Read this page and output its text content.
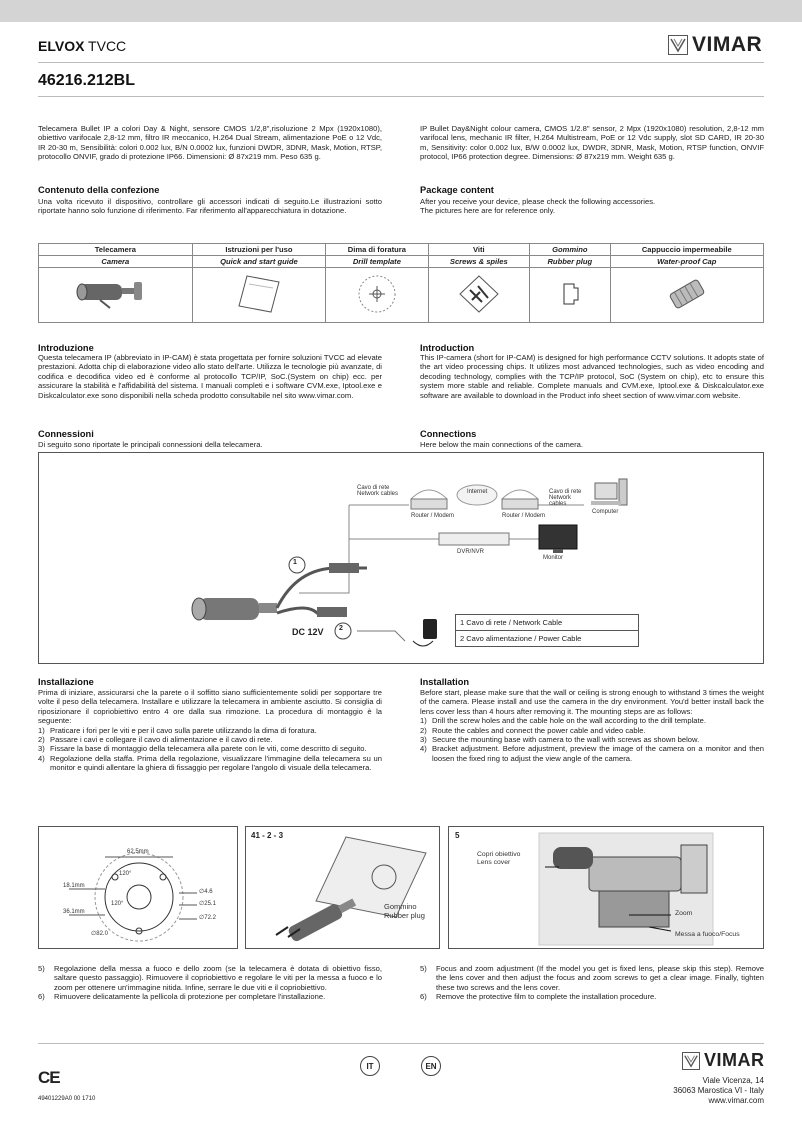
ELVOX TVCC	VIMAR
46216.212BL
Telecamera Bullet IP a colori Day & Night, sensore CMOS 1/2,8",risoluzione 2 Mpx (1920x1080), obiettivo varifocale 2,8-12 mm, filtro IR meccanico, H.264 Dual Stream, alimentazione PoE o 12 Vdc, IR 20-30 m, Sensibilità: colori 0.002 lux, B/N 0.0002 lux, funzioni DWDR, 3DNR, Mask, Motion, RTSP, protocollo ONVIF, grado di protezione IP66. Dimensioni: Ø 87x219 mm. Peso 635 g.
IP Bullet Day&Night colour camera, CMOS 1/2.8" sensor, 2 Mpx (1920x1080) resolution, 2,8-12 mm varifocal lens, mechanic IR filter, H.264 Multistream, PoE or 12 Vdc supply, slot SD CARD, IR 20-30 m, Sensitivity: color 0.002 lux, B/W 0.0002 lux, DWDR, 3DNR, Mask, Motion, RTSP function, ONVIF protocol, IP66 protection degree. Dimensions: Ø 87x219 mm. Weight 635 g.
Contenuto della confezione
Una volta ricevuto il dispositivo, controllare gli accessori indicati di seguito.Le illustrazioni sotto riportate hanno solo funzione di riferimento. Far riferimento all'apparecchiatura in dotazione.
Package content
After you receive your device, please check the following accessories.
The pictures here are for reference only.
Telecamera	Istruzioni per l'uso	Dima di foratura	Viti	Gommino	Cappuccio impermeabile
Camera	Quick and start guide	Drill template	Screws & spiles	Rubber plug	Water-proof Cap

Introduzione
Questa telecamera IP (abbreviato in IP-CAM) è stata progettata per fornire soluzioni TVCC ad elevate prestazioni. Adotta chip di elaborazione video allo stato dell'arte. Utilizza le tecnologie più avanzate, di codifica e decodifica video ed è conforme al protocollo TCP/IP, SoC.(System on chip) ecc. per assicurare la stabilità e l'affidabilità del sistema. I manuali completi e i software CVM.exe, Iptool.exe e Diskcalculator.exe sono disponibili nella scheda prodotto consultabile nel sito www.vimar.com.
Introduction
This IP-camera (short for IP-CAM) is designed for high performance CCTV solutions. It adopts state of the art video processing chips. It utilizes most advanced technologies, such as video encoding and decoding technology, complies with the TCP/IP protocol, SoC (System on chip), etc to ensure this system more stable and reliable. Complete manuals and CVM.exe, Iptool.exe & Diskcalculator.exe software are available to download in the Product info sheet section of www.vimar.com website.
Connessioni
Di seguito sono riportate le principali connessioni della telecamera.
Connections
Here below the main connections of the camera.
Cavo di rete
Network cables	Internet
Router / Modem	Router / Modem
Cavo di rete
Network
cables
Computer
DVR/NVR
Monitor
1
2
DC 12V
1 Cavo di rete / Network Cable
2 Cavo alimentazione / Power Cable
Installazione
Prima di iniziare, assicurarsi che la parete o il soffitto siano sufficientemente solidi per sopportare tre volte il peso della telecamera. Installare e utilizzare la telecamera in ambiente asciutto. Si consiglia di riposizionare il copriobiettivo entro 4 ore dalla sua rimozione. La procedura di montaggio è la seguente:
1) Praticare i fori per le viti e per il cavo sulla parete utilizzando la dima di foratura.
2) Passare i cavi e collegare il cavo di alimentazione e il cavo di rete.
3) Fissare la base di montaggio della telecamera alla parete con le viti, come descritto di seguito.
4) Regolazione della staffa. Prima della regolazione, visualizzare l'immagine della telecamera su un monitor e quindi allentare la ghiera di fissaggio per regolare l'angolo di visuale della telecamera.
Installation
Before start, please make sure that the wall or ceiling is strong enough to withstand 3 times the weight of the camera. Please install and use the camera in the dry environment. You'd better install back the lens cover less than 4 hours after removing it. The mounting steps are as follows:
1) Drill the screw holes and the cable hole on the wall according to the drill template.
2) Route the cables and connect the power cable and video cable.
3) Secure the mounting base with camera to the wall with screws as shown below.
4) Bracket adjustment. Before adjustment, preview the image of the camera on a monitor and then loosen the fixed ring to adjust the view angle of the camera.
62.5mm
18.1mm
36.1mm
120°
120°
∅4.6
∅25.1
∅72.2
∅82.0
41 - 2 - 3
Gommino
Rubber plug
5
Copri obiettivo
Lens cover
Zoom
Messa a fuoco/Focus
5)	Regolazione della messa a fuoco e dello zoom (se la telecamera è dotata di obiettivo fisso, saltare questo passaggio). Rimuovere il copriobiettivo e regolare le viti per la messa a fuoco e lo zoom per ottenere un'immagine nitida. Infine, serrare le due viti e il copriobiettivo.
6)	Rimuovere delicatamente la pellicola di protezione per completare l'installazione.
5)	Focus and zoom adjustment (If the model you get is fixed lens, please skip this step). Remove the lens cover and then adjust the focus and zoom screws to get a clear image. Finally, tighten these two screws and the lens cover.
6)	Remove the protective film to complete the installation procedure.
CE
49401229A0 00 1710
IT	EN	VIMAR
Viale Vicenza, 14
36063 Marostica VI - Italy
www.vimar.com
